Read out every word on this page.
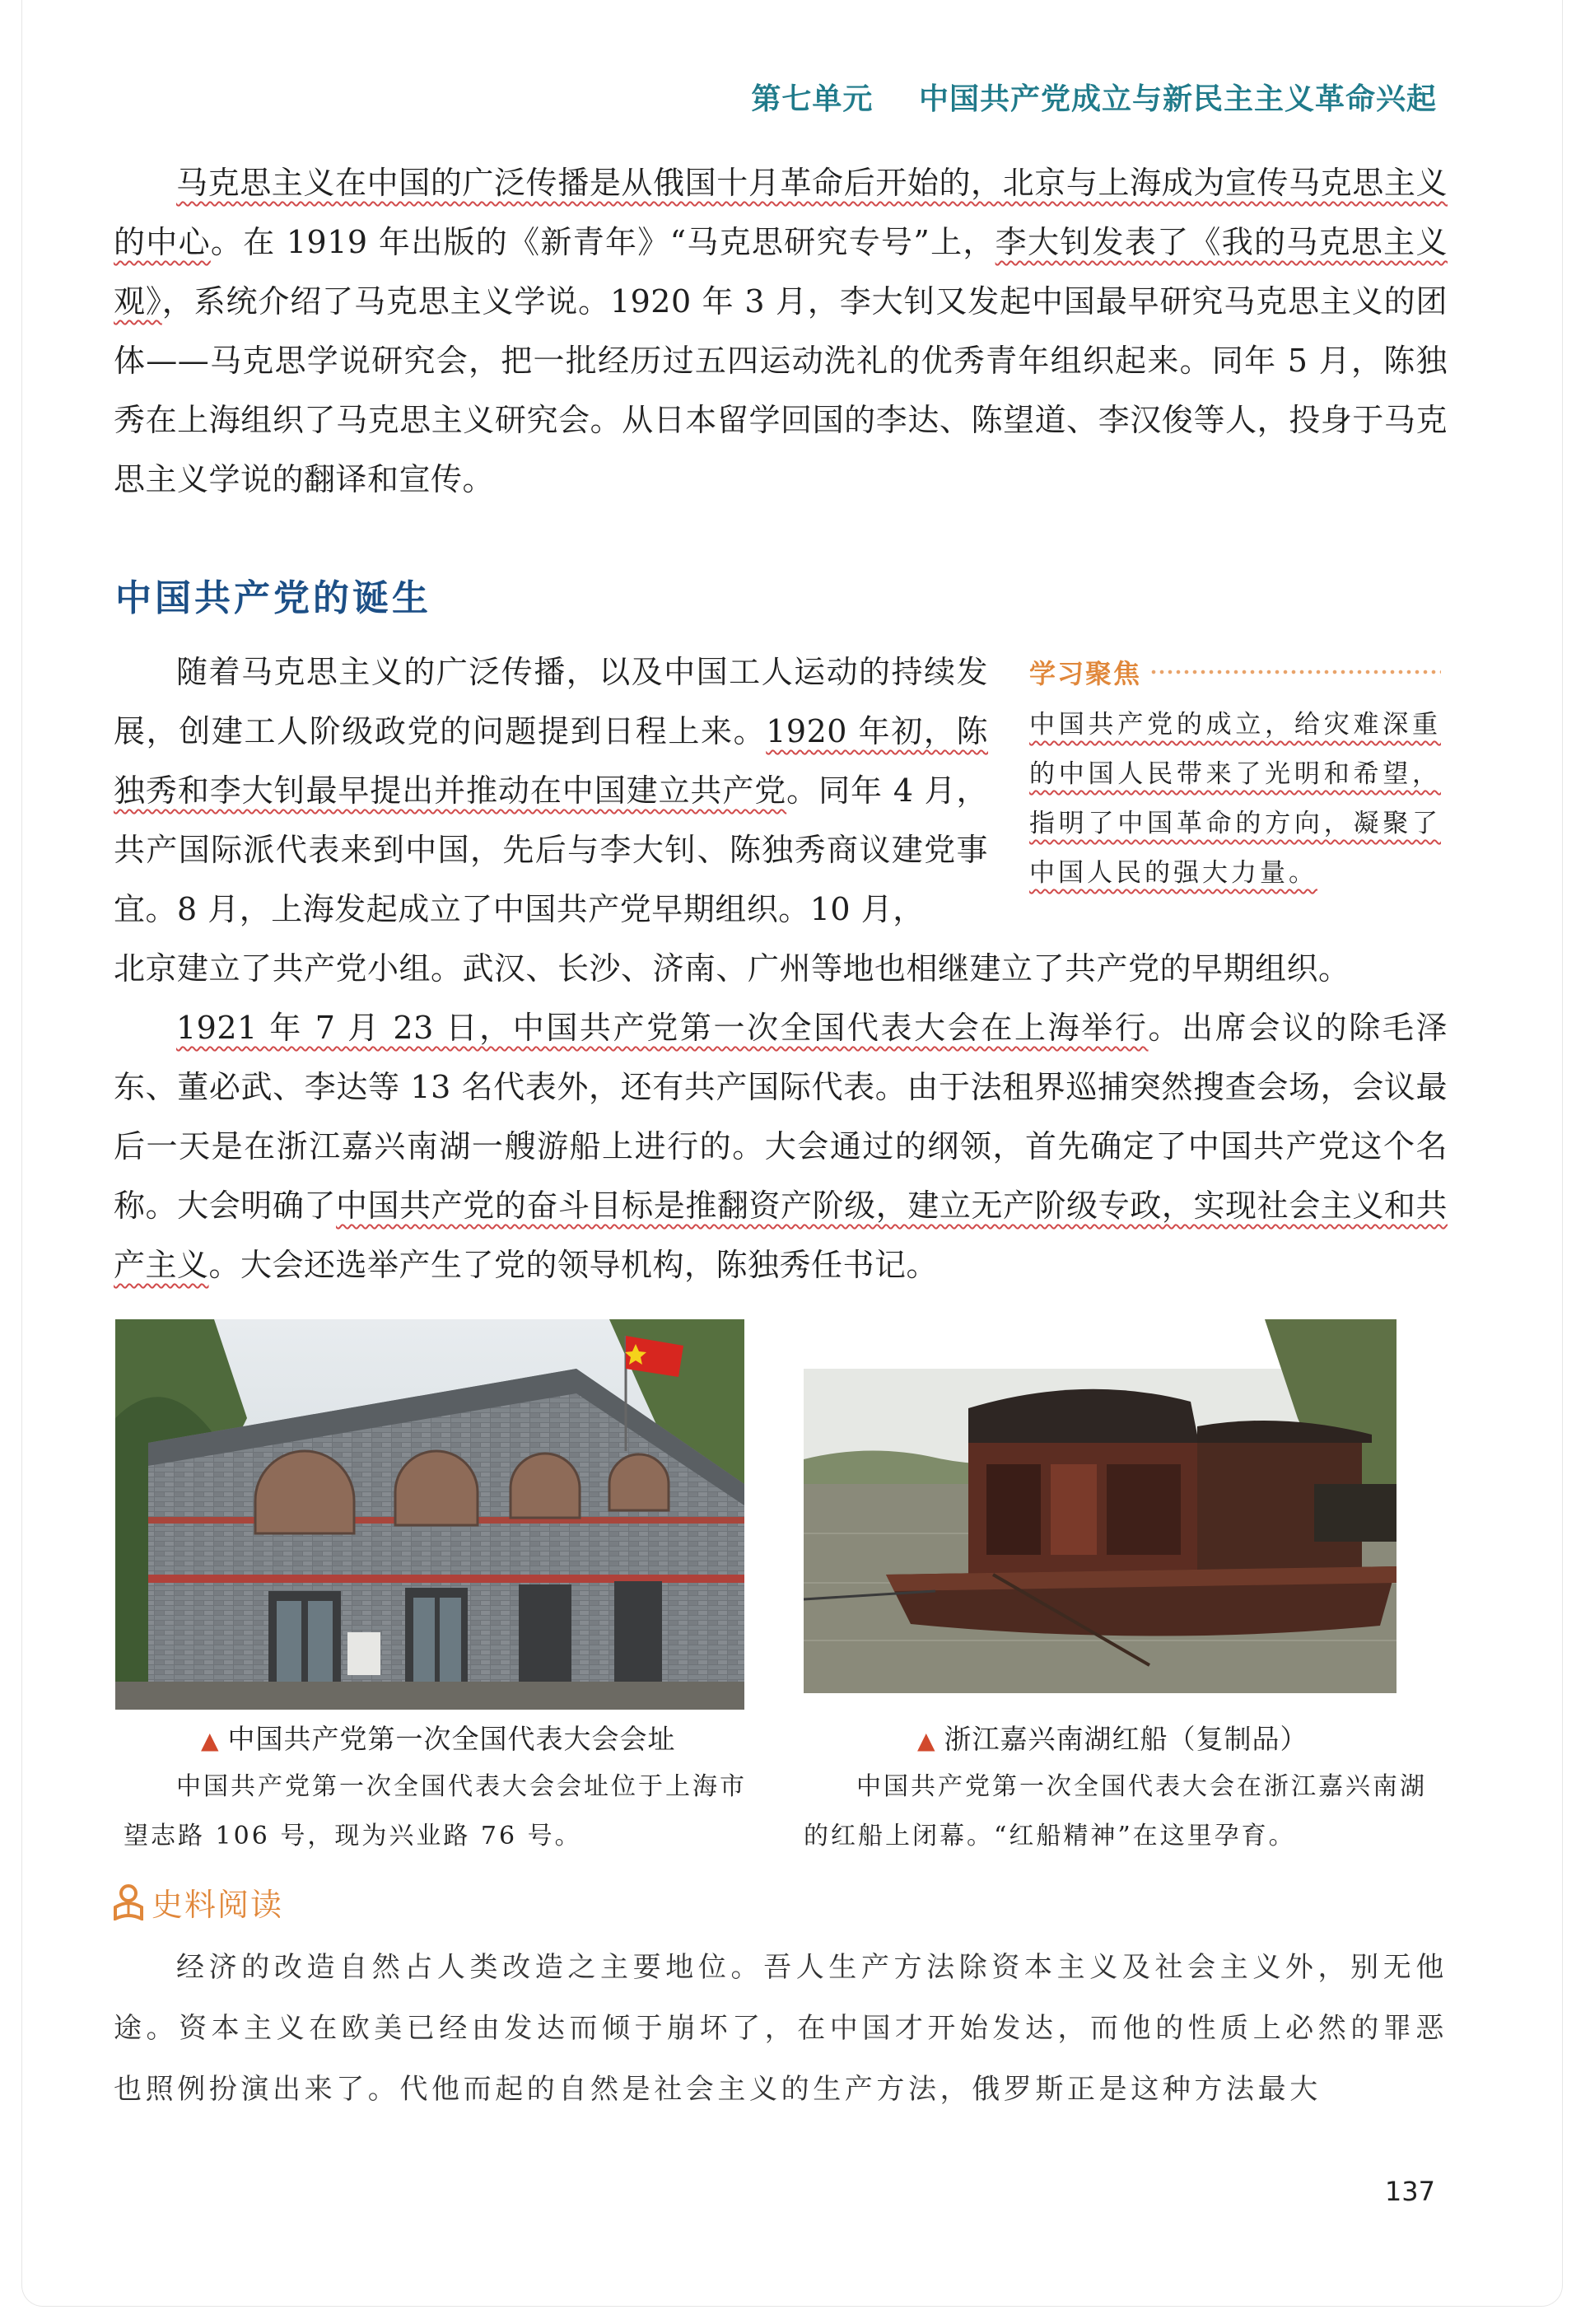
第七单元 中国共产党成立与新民主主义革命兴起
马克思主义在中国的广泛传播是从俄国十月革命后开始的，北京与上海成为宣传马克思主义的中心。在 1919 年出版的《新青年》“马克思研究专号”上，李大钊发表了《我的马克思主义观》，系统介绍了马克思主义学说。1920 年 3 月，李大钊又发起中国最早研究马克思主义的团体——马克思学说研究会，把一批经历过五四运动洗礼的优秀青年组织起来。同年 5 月，陈独秀在上海组织了马克思主义研究会。从日本留学回国的李达、陈望道、李汉俊等人，投身于马克思主义学说的翻译和宣传。
中国共产党的诞生
随着马克思主义的广泛传播，以及中国工人运动的持续发展，创建工人阶级政党的问题提到日程上来。1920 年初，陈独秀和李大钊最早提出并推动在中国建立共产党。同年 4 月，共产国际派代表来到中国，先后与李大钊、陈独秀商议建党事宜。8 月，上海发起成立了中国共产党早期组织。10 月，
北京建立了共产党小组。武汉、长沙、济南、广州等地也相继建立了共产党的早期组织。
1921 年 7 月 23 日，中国共产党第一次全国代表大会在上海举行。出席会议的除毛泽东、董必武、李达等 13 名代表外，还有共产国际代表。由于法租界巡捕突然搜查会场，会议最后一天是在浙江嘉兴南湖一艘游船上进行的。大会通过的纲领，首先确定了中国共产党这个名称。大会明确了中国共产党的奋斗目标是推翻资产阶级，建立无产阶级专政，实现社会主义和共产主义。大会还选举产生了党的领导机构，陈独秀任书记。
学习聚焦
中国共产党的成立，给灾难深重的中国人民带来了光明和希望，指明了中国革命的方向，凝聚了中国人民的强大力量。
▲ 中国共产党第一次全国代表大会会址
中国共产党第一次全国代表大会会址位于上海市望志路 106 号，现为兴业路 76 号。
▲ 浙江嘉兴南湖红船（复制品）
中国共产党第一次全国代表大会在浙江嘉兴南湖的红船上闭幕。“红船精神”在这里孕育。
史料阅读
经济的改造自然占人类改造之主要地位。吾人生产方法除资本主义及社会主义外，别无他途。资本主义在欧美已经由发达而倾于崩坏了，在中国才开始发达，而他的性质上必然的罪恶也照例扮演出来了。代他而起的自然是社会主义的生产方法，俄罗斯正是这种方法最大
137
